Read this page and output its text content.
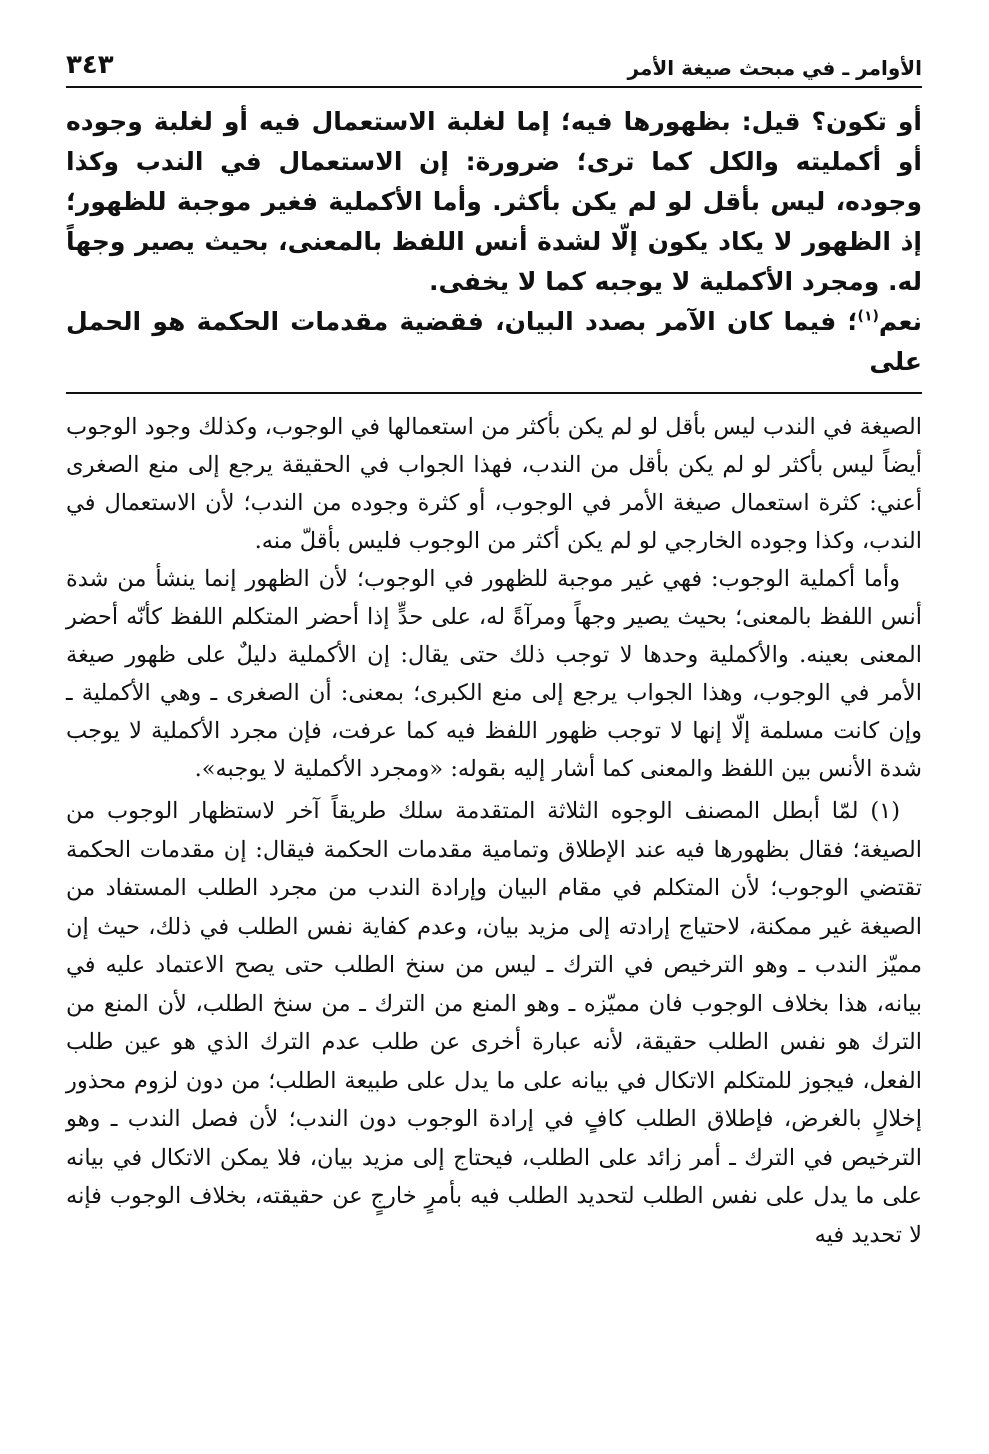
الأوامر ـ في مبحث صيغة الأمر
٣٤٣

أو تكون؟ قيل: بظهورها فيه؛ إما لغلبة الاستعمال فيه أو لغلبة وجوده أو أكمليته والكل كما ترى؛ ضرورة: إن الاستعمال في الندب وكذا وجوده، ليس بأقل لو لم يكن بأكثر. وأما الأكملية فغير موجبة للظهور؛ إذ الظهور لا يكاد يكون إلّا لشدة أنس اللفظ بالمعنى، بحيث يصير وجهاً له. ومجرد الأكملية لا يوجبه كما لا يخفى.

نعم$^{(١)}$؛ فيما كان الآمر بصدد البيان، فقضية مقدمات الحكمة هو الحمل على

الصيغة في الندب ليس بأقل لو لم يكن بأكثر من استعمالها في الوجوب، وكذلك وجود الوجوب أيضاً ليس بأكثر لو لم يكن بأقل من الندب، فهذا الجواب في الحقيقة يرجع إلى منع الصغرى أعني: كثرة استعمال صيغة الأمر في الوجوب، أو كثرة وجوده من الندب؛ لأن الاستعمال في الندب، وكذا وجوده الخارجي لو لم يكن أكثر من الوجوب فليس بأقلّ منه.

وأما أكملية الوجوب: فهي غير موجبة للظهور في الوجوب؛ لأن الظهور إنما ينشأ من شدة أنس اللفظ بالمعنى؛ بحيث يصير وجهاً ومرآةً له، على حدٍّ إذا أحضر المتكلم اللفظ كأنّه أحضر المعنى بعينه. والأكملية وحدها لا توجب ذلك حتى يقال: إن الأكملية دليلٌ على ظهور صيغة الأمر في الوجوب، وهذا الجواب يرجع إلى منع الكبرى؛ بمعنى: أن الصغرى ـ وهي الأكملية ـ وإن كانت مسلمة إلّا إنها لا توجب ظهور اللفظ فيه كما عرفت، فإن مجرد الأكملية لا يوجب شدة الأنس بين اللفظ والمعنى كما أشار إليه بقوله: «ومجرد الأكملية لا يوجبه».

(١) لمّا أبطل المصنف الوجوه الثلاثة المتقدمة سلك طريقاً آخر لاستظهار الوجوب من الصيغة؛ فقال بظهورها فيه عند الإطلاق وتمامية مقدمات الحكمة فيقال: إن مقدمات الحكمة تقتضي الوجوب؛ لأن المتكلم في مقام البيان وإرادة الندب من مجرد الطلب المستفاد من الصيغة غير ممكنة، لاحتياج إرادته إلى مزيد بيان، وعدم كفاية نفس الطلب في ذلك، حيث إن مميّز الندب ـ وهو الترخيص في الترك ـ ليس من سنخ الطلب حتى يصح الاعتماد عليه في بيانه، هذا بخلاف الوجوب فان مميّزه ـ وهو المنع من الترك ـ من سنخ الطلب، لأن المنع من الترك هو نفس الطلب حقيقة، لأنه عبارة أخرى عن طلب عدم الترك الذي هو عين طلب الفعل، فيجوز للمتكلم الاتكال في بيانه على ما يدل على طبيعة الطلب؛ من دون لزوم محذور إخلالٍ بالغرض، فإطلاق الطلب كافٍ في إرادة الوجوب دون الندب؛ لأن فصل الندب ـ وهو الترخيص في الترك ـ أمر زائد على الطلب، فيحتاج إلى مزيد بيان، فلا يمكن الاتكال في بيانه على ما يدل على نفس الطلب لتحديد الطلب فيه بأمرٍ خارجٍ عن حقيقته، بخلاف الوجوب فإنه لا تحديد فيه
